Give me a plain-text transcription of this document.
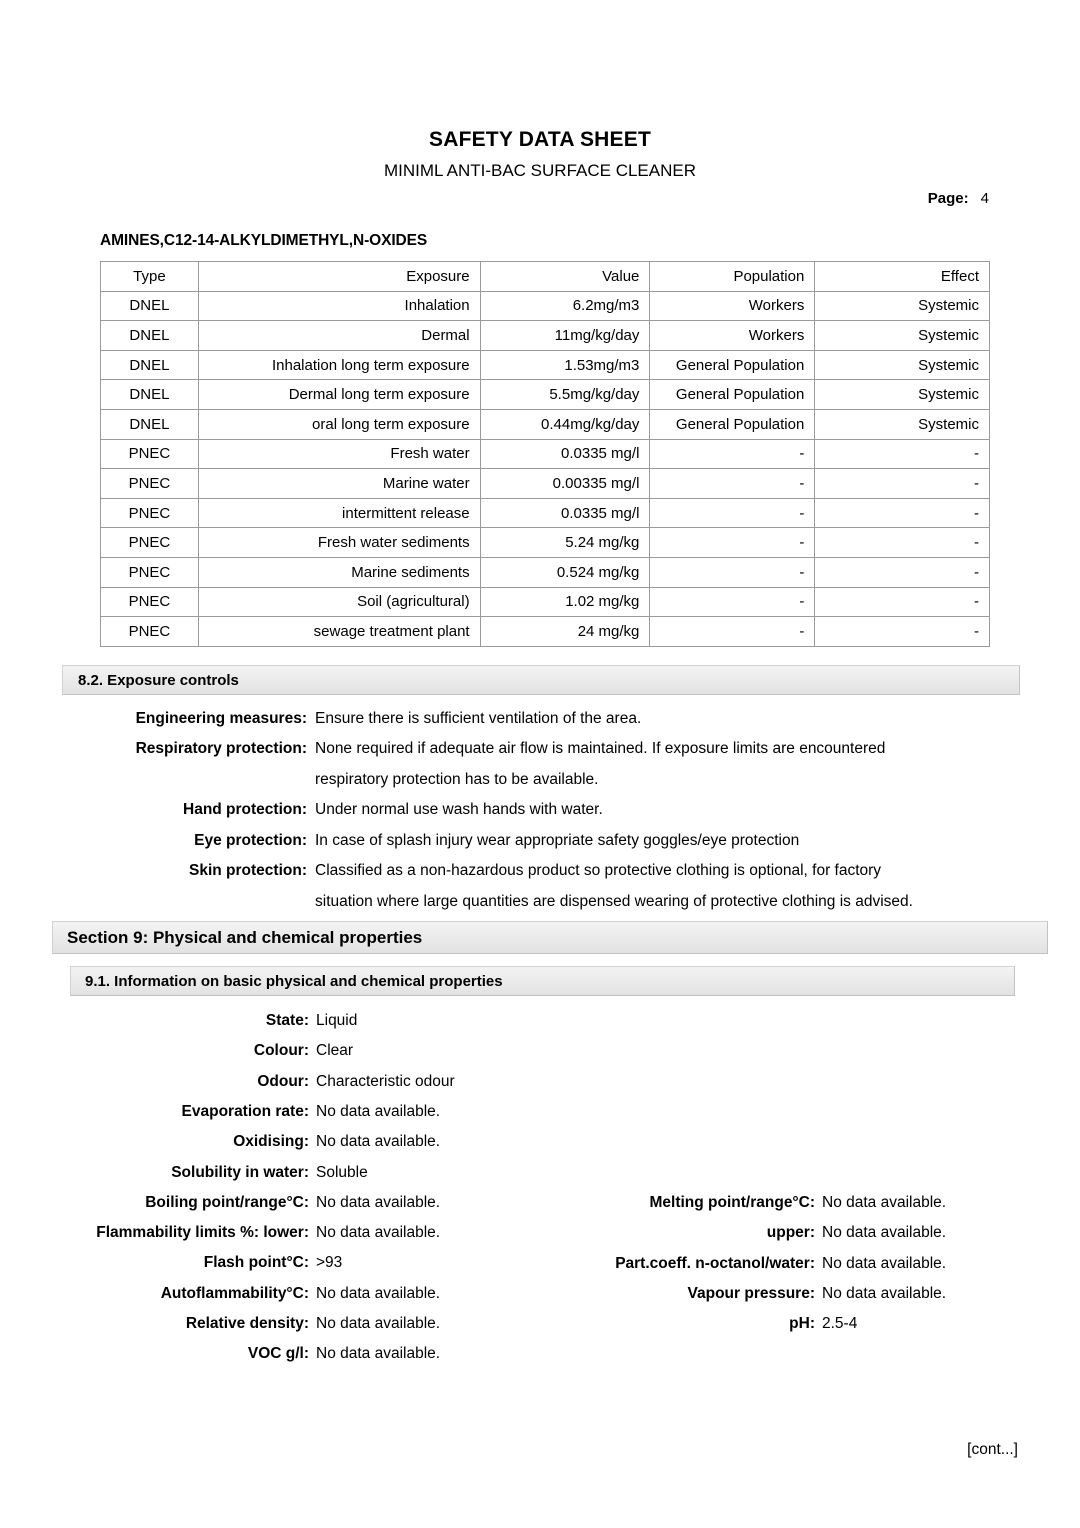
SAFETY DATA SHEET
MINIML ANTI-BAC SURFACE CLEANER
Page: 4
AMINES,C12-14-ALKYLDIMETHYL,N-OXIDES
Type	Exposure	Value	Population	Effect
DNEL	Inhalation	6.2mg/m3	Workers	Systemic
DNEL	Dermal	11mg/kg/day	Workers	Systemic
DNEL	Inhalation long term exposure	1.53mg/m3	General Population	Systemic
DNEL	Dermal long term exposure	5.5mg/kg/day	General Population	Systemic
DNEL	oral long term exposure	0.44mg/kg/day	General Population	Systemic
PNEC	Fresh water	0.0335 mg/l	-	-
PNEC	Marine water	0.00335 mg/l	-	-
PNEC	intermittent release	0.0335 mg/l	-	-
PNEC	Fresh water sediments	5.24 mg/kg	-	-
PNEC	Marine sediments	0.524 mg/kg	-	-
PNEC	Soil (agricultural)	1.02 mg/kg	-	-
PNEC	sewage treatment plant	24 mg/kg	-	-
8.2. Exposure controls
Engineering measures: Ensure there is sufficient ventilation of the area.
Respiratory protection: None required if adequate air flow is maintained. If exposure limits are encountered
respiratory protection has to be available.
Hand protection: Under normal use wash hands with water.
Eye protection: In case of splash injury wear appropriate safety goggles/eye protection
Skin protection: Classified as a non-hazardous product so protective clothing is optional, for factory
situation where large quantities are dispensed wearing of protective clothing is advised.
Section 9: Physical and chemical properties
9.1. Information on basic physical and chemical properties
State: Liquid
Colour: Clear
Odour: Characteristic odour
Evaporation rate: No data available.
Oxidising: No data available.
Solubility in water: Soluble
Boiling point/range°C: No data available.
Flammability limits %: lower: No data available.
Flash point°C: >93
Autoflammability°C: No data available.
Relative density: No data available.
VOC g/l: No data available.
Melting point/range°C: No data available.
upper: No data available.
Part.coeff. n-octanol/water: No data available.
Vapour pressure: No data available.
pH: 2.5-4
[cont...]
